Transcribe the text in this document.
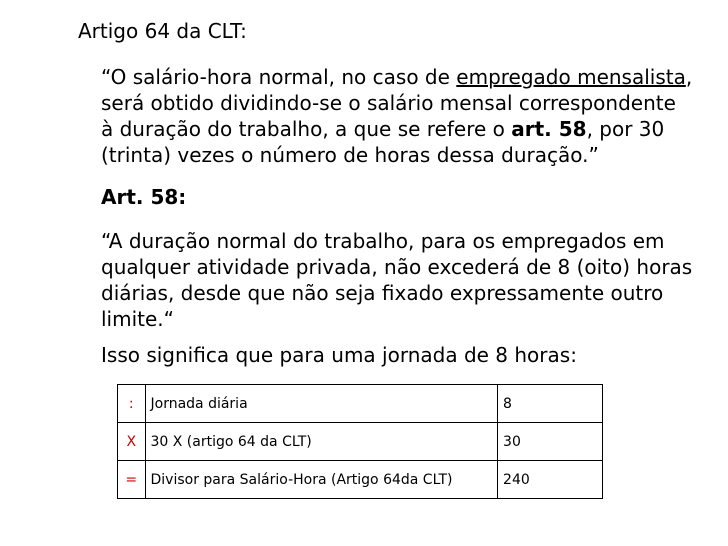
Artigo 64 da CLT:
“O salário-hora normal, no caso de empregado mensalista,
será obtido dividindo-se o salário mensal correspondente
à duração do trabalho, a que se refere o art. 58, por 30
(trinta) vezes o número de horas dessa duração.”
Art. 58:
“A duração normal do trabalho, para os empregados em
qualquer atividade privada, não excederá de 8 (oito) horas
diárias, desde que não seja fixado expressamente outro
limite.“
Isso significa que para uma jornada de 8 horas:
:	Jornada diária	8
X	30 X (artigo 64 da CLT)	30
=	Divisor para Salário-Hora (Artigo 64da CLT)	240
